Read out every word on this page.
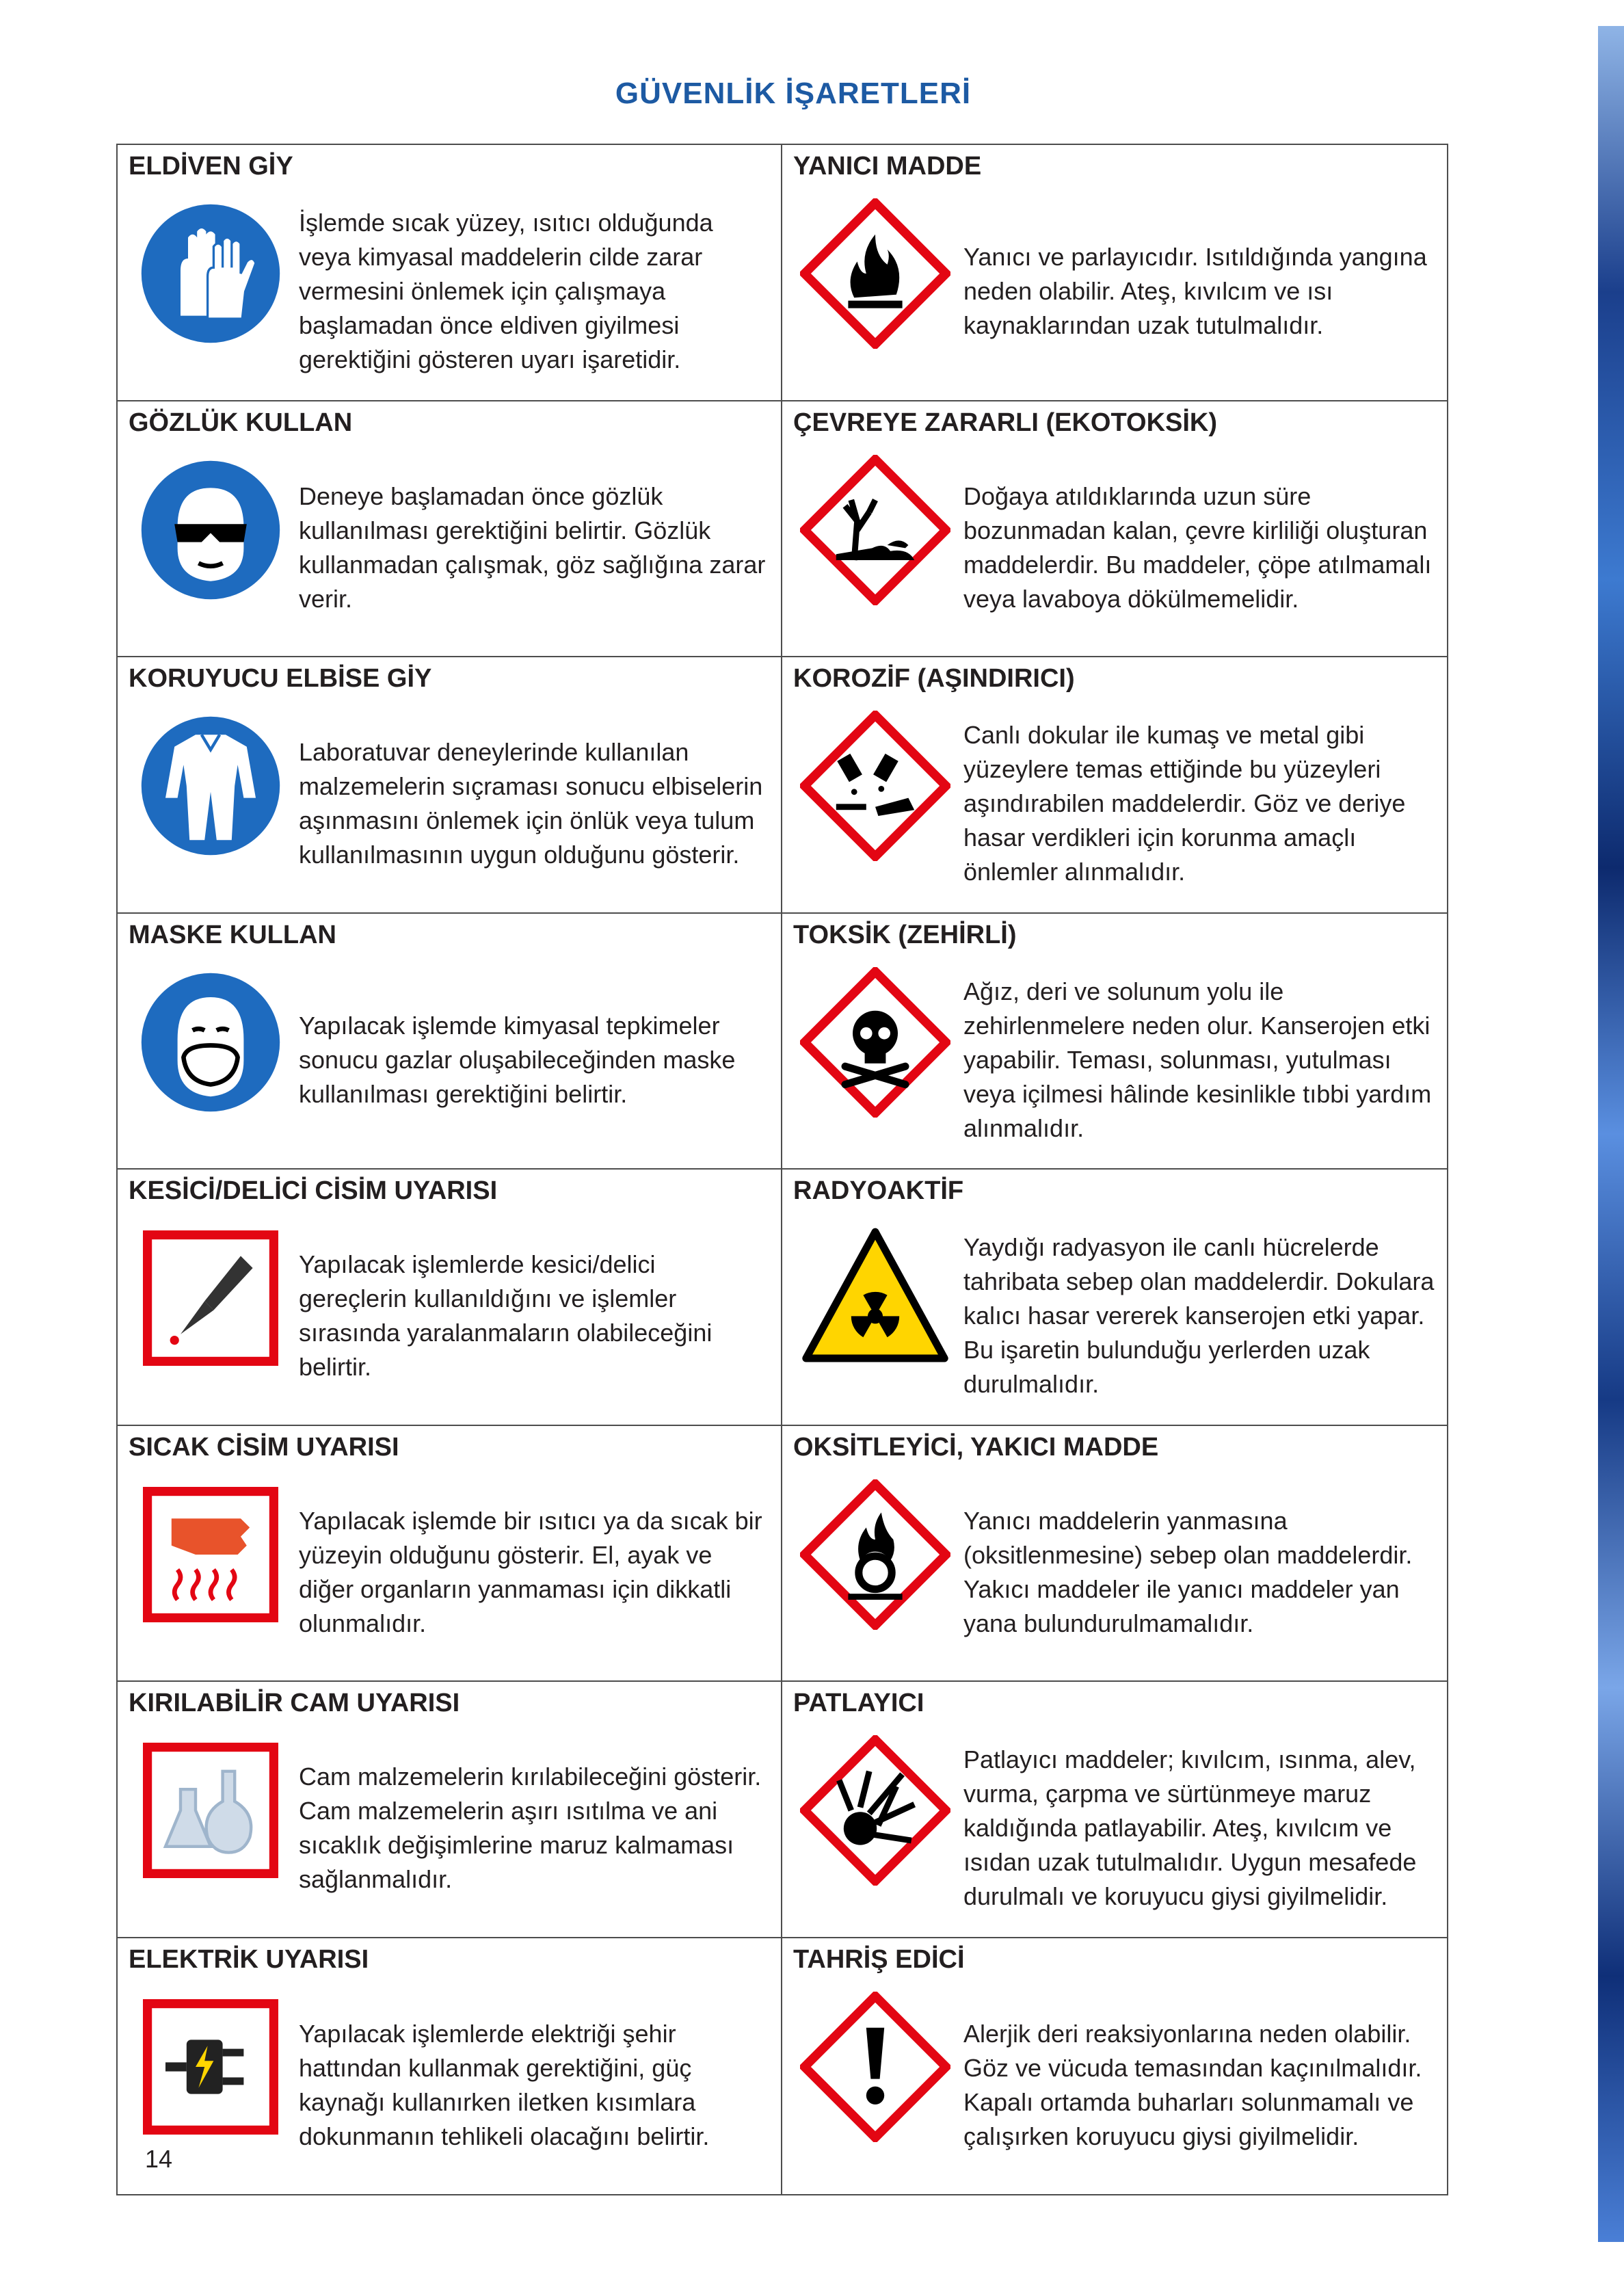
GÜVENLİK İŞARETLERİ
ELDİVEN GİY
İşlemde sıcak yüzey, ısıtıcı olduğunda veya kimyasal maddelerin cilde zarar vermesini önlemek için çalışmaya başlamadan önce eldiven giyilmesi gerektiğini gösteren uyarı işaretidir.
YANICI MADDE
Yanıcı ve parlayıcıdır. Isıtıldığında yangına neden olabilir. Ateş, kıvılcım ve ısı kaynaklarından uzak tutulmalıdır.
GÖZLÜK KULLAN
Deneye başlamadan önce gözlük kullanılması gerektiğini belirtir. Gözlük kullanmadan çalışmak, göz sağlığına zarar verir.
ÇEVREYE ZARARLI (EKOTOKSİK)
Doğaya atıldıklarında uzun süre bozunmadan kalan, çevre kirliliği oluşturan maddelerdir. Bu maddeler, çöpe atılmamalı veya lavaboya dökülmemelidir.
KORUYUCU ELBİSE GİY
Laboratuvar deneylerinde kullanılan malzemelerin sıçraması sonucu elbiselerin aşınmasını önlemek için önlük veya tulum kullanılmasının uygun olduğunu gösterir.
KOROZİF (AŞINDIRICI)
Canlı dokular ile kumaş ve metal gibi yüzeylere temas ettiğinde bu yüzeyleri aşındırabilen maddelerdir. Göz ve deriye hasar verdikleri için korunma amaçlı önlemler alınmalıdır.
MASKE KULLAN
Yapılacak işlemde kimyasal tepkimeler sonucu gazlar oluşabileceğinden maske kullanılması gerektiğini belirtir.
TOKSİK (ZEHİRLİ)
Ağız, deri ve solunum yolu ile zehirlenmelere neden olur. Kanserojen etki yapabilir. Teması, solunması, yutulması veya içilmesi hâlinde kesinlikle tıbbi yardım alınmalıdır.
KESİCİ/DELİCİ CİSİM UYARISI
Yapılacak işlemlerde kesici/delici gereçlerin kullanıldığını ve işlemler sırasında yaralanmaların olabileceğini belirtir.
RADYOAKTİF
Yaydığı radyasyon ile canlı hücrelerde tahribata sebep olan maddelerdir. Dokulara kalıcı hasar vererek kanserojen etki yapar. Bu işaretin bulunduğu yerlerden uzak durulmalıdır.
SICAK CİSİM UYARISI
Yapılacak işlemde bir ısıtıcı ya da sıcak bir yüzeyin olduğunu gösterir. El, ayak ve diğer organların yanmaması için dikkatli olunmalıdır.
OKSİTLEYİCİ, YAKICI MADDE
Yanıcı maddelerin yanmasına (oksitlenmesine) sebep olan maddelerdir. Yakıcı maddeler ile yanıcı maddeler yan yana bulundurulmamalıdır.
KIRILABİLİR CAM UYARISI
Cam malzemelerin kırılabileceğini gösterir. Cam malzemelerin aşırı ısıtılma ve ani sıcaklık değişimlerine maruz kalmaması sağlanmalıdır.
PATLAYICI
Patlayıcı maddeler; kıvılcım, ısınma, alev, vurma, çarpma ve sürtünmeye maruz kaldığında patlayabilir. Ateş, kıvılcım ve ısıdan uzak tutulmalıdır. Uygun mesafede durulmalı ve koruyucu giysi giyilmelidir.
ELEKTRİK UYARISI
Yapılacak işlemlerde elektriği şehir hattından kullanmak gerektiğini, güç kaynağı kullanırken iletken kısımlara dokunmanın tehlikeli olacağını belirtir.
TAHRİŞ EDİCİ
Alerjik deri reaksiyonlarına neden olabilir. Göz ve vücuda temasından kaçınılmalıdır. Kapalı ortamda buharları solunmamalı ve çalışırken koruyucu giysi giyilmelidir.
14
